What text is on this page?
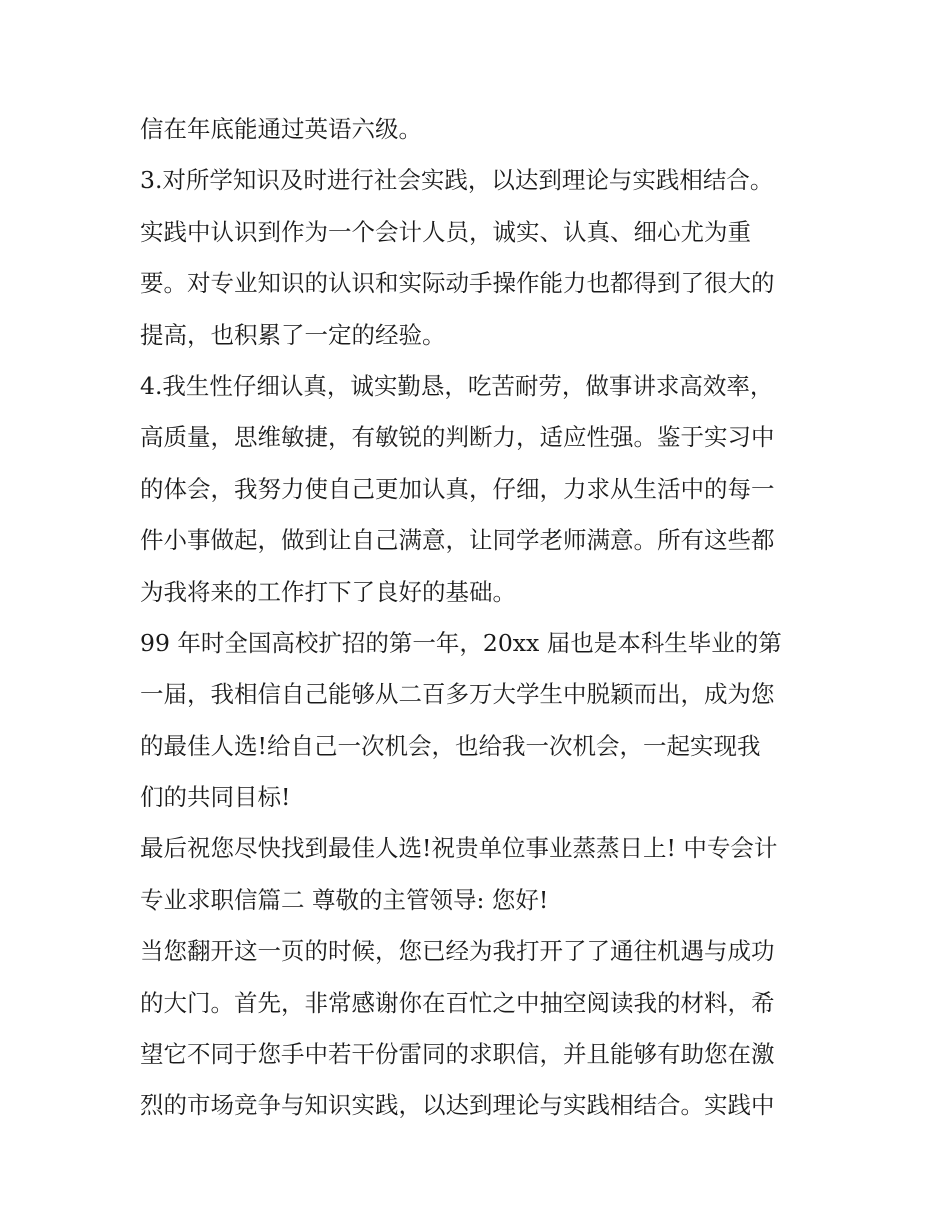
信在年底能通过英语六级。
3.对所学知识及时进行社会实践，以达到理论与实践相结合。
实践中认识到作为一个会计人员，诚实、认真、细心尤为重
要。对专业知识的认识和实际动手操作能力也都得到了很大的
提高，也积累了一定的经验。
4.我生性仔细认真，诚实勤恳，吃苦耐劳，做事讲求高效率，
高质量，思维敏捷，有敏锐的判断力，适应性强。鉴于实习中
的体会，我努力使自己更加认真，仔细，力求从生活中的每一
件小事做起，做到让自己满意，让同学老师满意。所有这些都
为我将来的工作打下了良好的基础。
99 年时全国高校扩招的第一年，20xx 届也是本科生毕业的第
一届，我相信自己能够从二百多万大学生中脱颖而出，成为您
的最佳人选!给自己一次机会，也给我一次机会，一起实现我
们的共同目标!
最后祝您尽快找到最佳人选!祝贵单位事业蒸蒸日上! 中专会计
专业求职信篇二 尊敬的主管领导: 您好!
当您翻开这一页的时候，您已经为我打开了了通往机遇与成功
的大门。首先，非常感谢你在百忙之中抽空阅读我的材料，希
望它不同于您手中若干份雷同的求职信，并且能够有助您在激
烈的市场竞争与知识实践，以达到理论与实践相结合。实践中
